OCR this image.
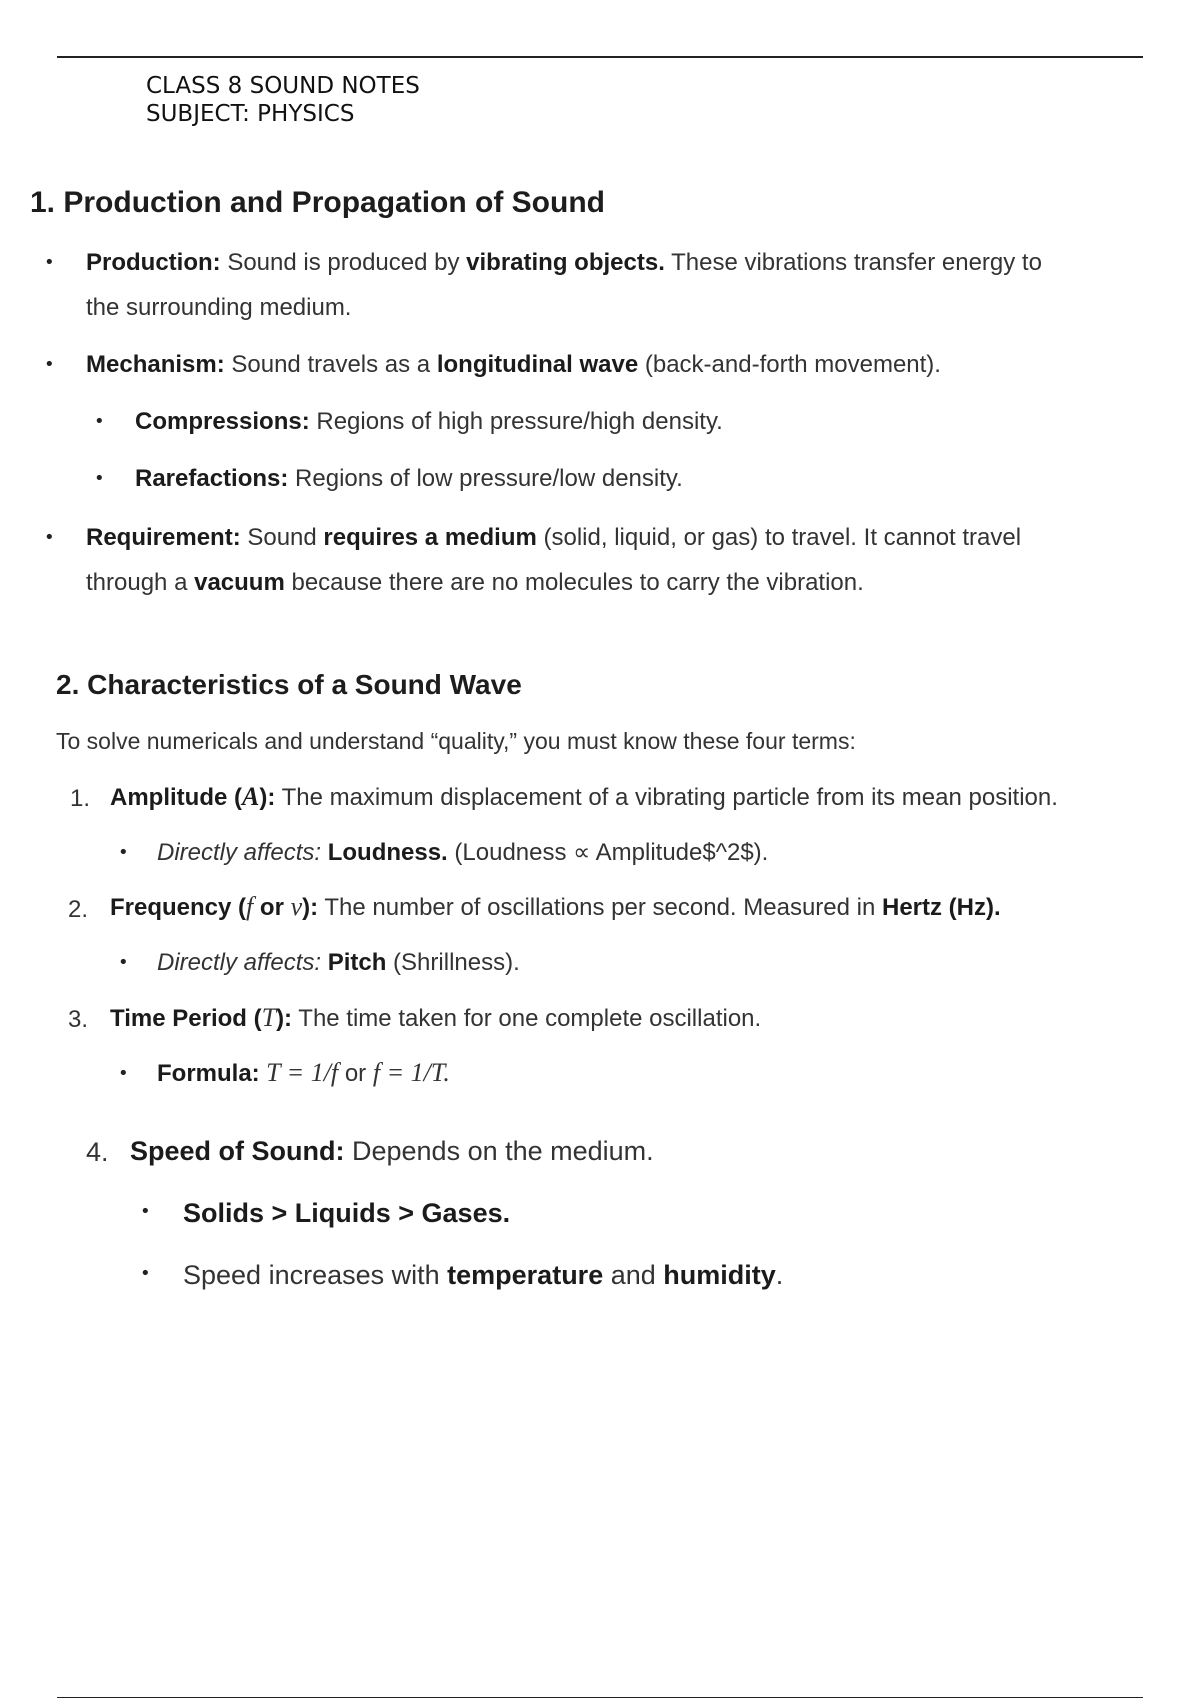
CLASS 8 SOUND NOTES
SUBJECT: PHYSICS
1. Production and Propagation of Sound
• Production: Sound is produced by vibrating objects. These vibrations transfer energy to
the surrounding medium.
• Mechanism: Sound travels as a longitudinal wave (back-and-forth movement).
• Compressions: Regions of high pressure/high density.
• Rarefactions: Regions of low pressure/low density.
• Requirement: Sound requires a medium (solid, liquid, or gas) to travel. It cannot travel
through a vacuum because there are no molecules to carry the vibration.
2. Characteristics of a Sound Wave
To solve numericals and understand “quality,” you must know these four terms:
1. Amplitude (A): The maximum displacement of a vibrating particle from its mean position.
• Directly affects: Loudness. (Loudness ∝ Amplitude$^2$).
2. Frequency (f or ν): The number of oscillations per second. Measured in Hertz (Hz).
• Directly affects: Pitch (Shrillness).
3. Time Period (T): The time taken for one complete oscillation.
• Formula: T = 1/f or f = 1/T.
4. Speed of Sound: Depends on the medium.
• Solids > Liquids > Gases.
• Speed increases with temperature and humidity.
